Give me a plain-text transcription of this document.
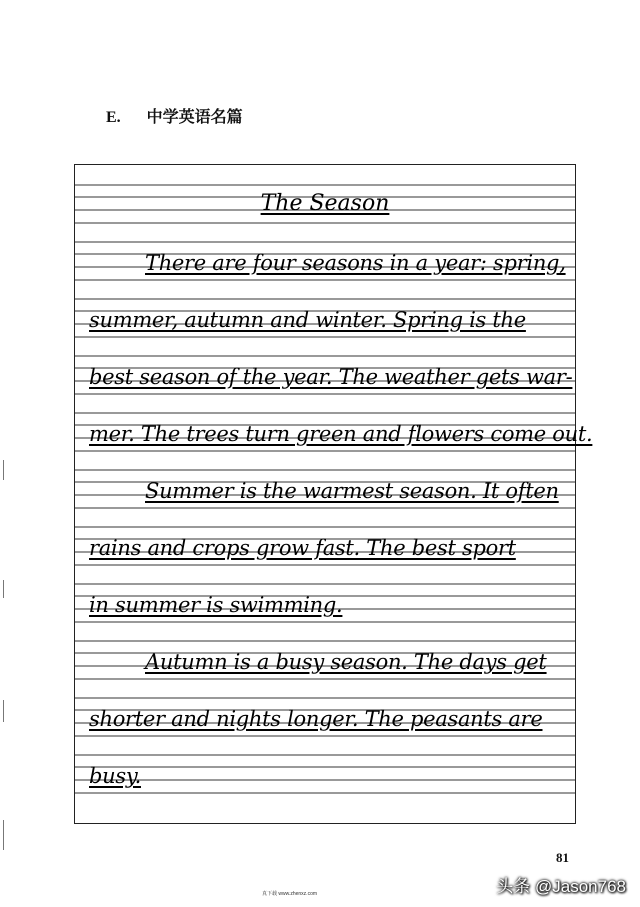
E. 中学英语名篇
The Season
There are four seasons in a year: spring,
summer, autumn and winter. Spring is the
best season of the year. The weather gets war-
mer. The trees turn green and flowers come out.
Summer is the warmest season. It often
rains and crops grow fast. The best sport
in summer is swimming.
Autumn is a busy season. The days get
shorter and nights longer. The peasants are
busy.
81
真下载 www.zhenxz.com	头条 @Jason768
